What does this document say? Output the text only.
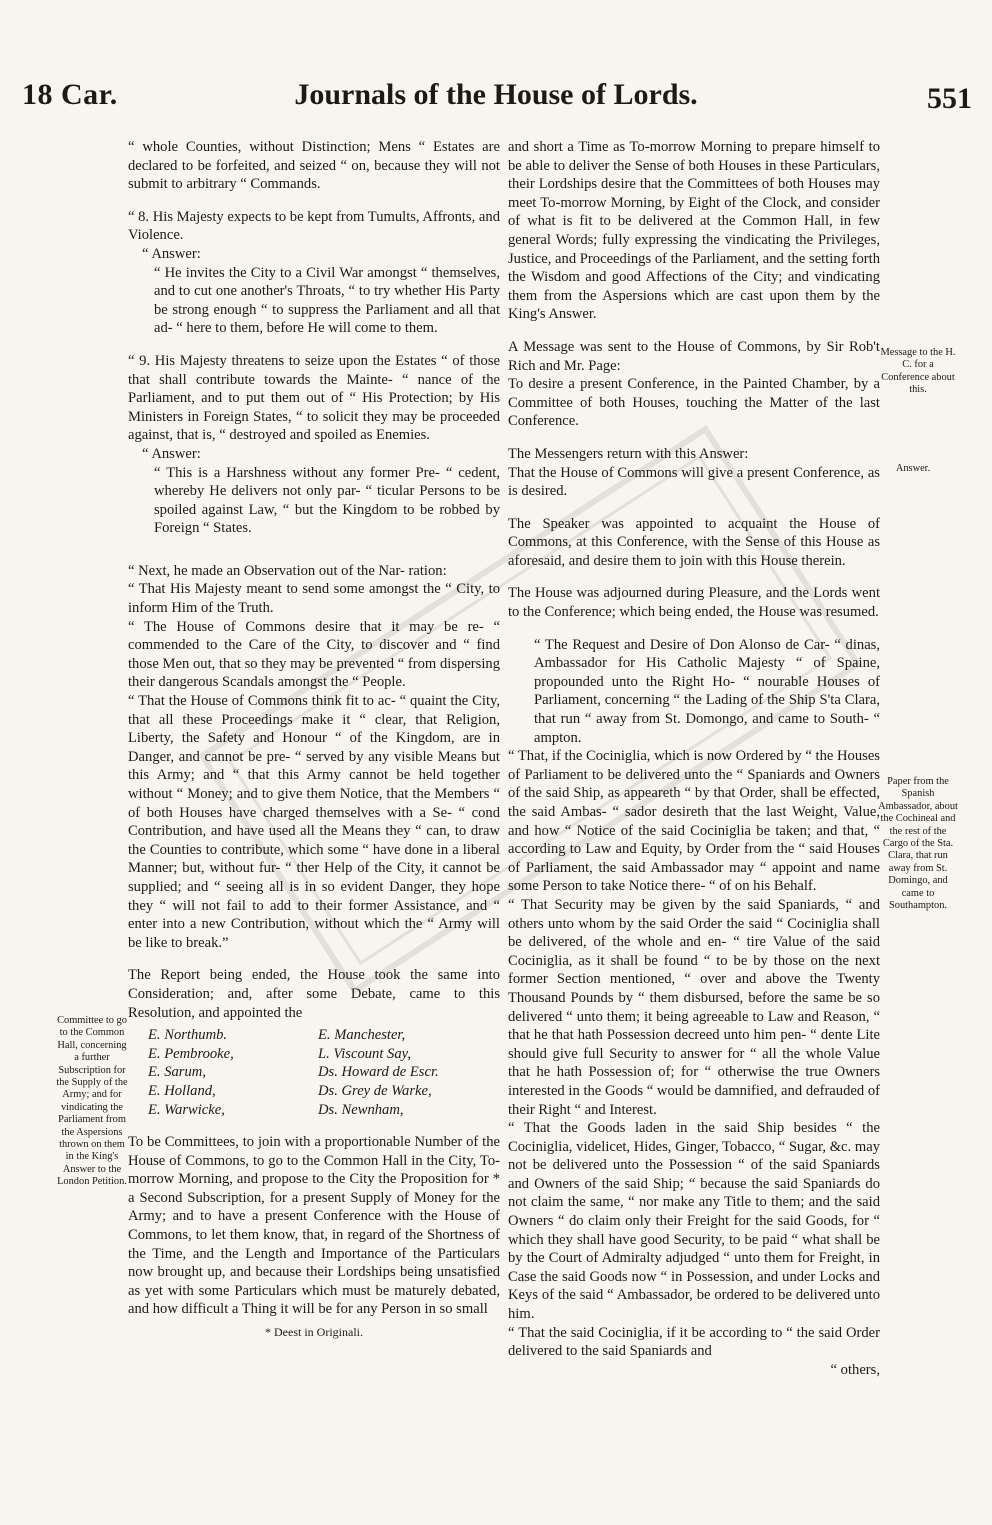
18 Car.	Journals of the House of Lords.	551

“ whole Counties, without Distinction; Mens “ Estates are declared to be forfeited, and seized “ on, because they will not submit to arbitrary “ Commands.

“ 8. His Majesty expects to be kept from Tumults, Affronts, and Violence.

“ Answer:

“ He invites the City to a Civil War amongst “ themselves, and to cut one another's Throats, “ to try whether His Party be strong enough “ to suppress the Parliament and all that ad- “ here to them, before He will come to them.

“ 9. His Majesty threatens to seize upon the Estates “ of those that shall contribute towards the Mainte- “ nance of the Parliament, and to put them out of “ His Protection; by His Ministers in Foreign States, “ to solicit they may be proceeded against, that is, “ destroyed and spoiled as Enemies.

“ Answer:

“ This is a Harshness without any former Pre- “ cedent, whereby He delivers not only par- “ ticular Persons to be spoiled against Law, “ but the Kingdom to be robbed by Foreign “ States.

“ Next, he made an Observation out of the Nar- ration:

“ That His Majesty meant to send some amongst the “ City, to inform Him of the Truth.

“ The House of Commons desire that it may be re- “ commended to the Care of the City, to discover and “ find those Men out, that so they may be prevented “ from dispersing their dangerous Scandals amongst the “ People.

“ That the House of Commons think fit to ac- “ quaint the City, that all these Proceedings make it “ clear, that Religion, Liberty, the Safety and Honour “ of the Kingdom, are in Danger, and cannot be pre- “ served by any visible Means but this Army; and “ that this Army cannot be held together without “ Money; and to give them Notice, that the Members “ of both Houses have charged themselves with a Se- “ cond Contribution, and have used all the Means they “ can, to draw the Counties to contribute, which some “ have done in a liberal Manner; but, without fur- “ ther Help of the City, it cannot be supplied; and “ seeing all is in so evident Danger, they hope they “ will not fail to add to their former Assistance, and “ enter into a new Contribution, without which the “ Army will be like to break.”

The Report being ended, the House took the same into Consideration; and, after some Debate, came to this Resolution, and appointed the

E. Northumb.
E. Pembrooke,
E. Sarum,
E. Holland,
E. Warwicke,
E. Manchester,
L. Viscount Say,
Ds. Howard de Escr.
Ds. Grey de Warke,
Ds. Newnham,

To be Committees, to join with a proportionable Number of the House of Commons, to go to the Common Hall in the City, To-morrow Morning, and propose to the City the Proposition for * a Second Subscription, for a present Supply of Money for the Army; and to have a present Conference with the House of Commons, to let them know, that, in regard of the Shortness of the Time, and the Length and Importance of the Particulars now brought up, and because their Lordships being unsatisfied as yet with some Particulars which must be maturely debated, and how difficult a Thing it will be for any Person in so small

* Deest in Originali.

and short a Time as To-morrow Morning to prepare himself to be able to deliver the Sense of both Houses in these Particulars, their Lordships desire that the Committees of both Houses may meet To-morrow Morning, by Eight of the Clock, and consider of what is fit to be delivered at the Common Hall, in few general Words; fully expressing the vindicating the Privileges, Justice, and Proceedings of the Parliament, and the setting forth the Wisdom and good Affections of the City; and vindicating them from the Aspersions which are cast upon them by the King's Answer.

A Message was sent to the House of Commons, by Sir Rob't Rich and Mr. Page:

To desire a present Conference, in the Painted Chamber, by a Committee of both Houses, touching the Matter of the last Conference.

The Messengers return with this Answer:

That the House of Commons will give a present Conference, as is desired.

The Speaker was appointed to acquaint the House of Commons, at this Conference, with the Sense of this House as aforesaid, and desire them to join with this House therein.

The House was adjourned during Pleasure, and the Lords went to the Conference; which being ended, the House was resumed.

“ The Request and Desire of Don Alonso de Car- “ dinas, Ambassador for His Catholic Majesty “ of Spaine, propounded unto the Right Ho- “ nourable Houses of Parliament, concerning “ the Lading of the Ship S'ta Clara, that run “ away from St. Domongo, and came to South- “ ampton.

“ That, if the Cociniglia, which is now Ordered by “ the Houses of Parliament to be delivered unto the “ Spaniards and Owners of the said Ship, as appeareth “ by that Order, shall be effected, the said Ambas- “ sador desireth that the last Weight, Value, and how “ Notice of the said Cociniglia be taken; and that, “ according to Law and Equity, by Order from the “ said Houses of Parliament, the said Ambassador may “ appoint and name some Person to take Notice there- “ of on his Behalf.

“ That Security may be given by the said Spaniards, “ and others unto whom by the said Order the said “ Cociniglia shall be delivered, of the whole and en- “ tire Value of the said Cociniglia, as it shall be found “ to be by those on the next former Section mentioned, “ over and above the Twenty Thousand Pounds by “ them disbursed, before the same be so delivered “ unto them; it being agreeable to Law and Reason, “ that he that hath Possession decreed unto him pen- “ dente Lite should give full Security to answer for “ all the whole Value that he hath Possession of; for “ otherwise the true Owners interested in the Goods “ would be damnified, and defrauded of their Right “ and Interest.

“ That the Goods laden in the said Ship besides “ the Cociniglia, videlicet, Hides, Ginger, Tobacco, “ Sugar, &c. may not be delivered unto the Possession “ of the said Spaniards and Owners of the said Ship; “ because the said Spaniards do not claim the same, “ nor make any Title to them; and the said Owners “ do claim only their Freight for the said Goods, for “ which they shall have good Security, to be paid “ what shall be by the Court of Admiralty adjudged “ unto them for Freight, in Case the said Goods now “ in Possession, and under Locks and Keys of the said “ Ambassador, be ordered to be delivered unto him.

“ That the said Cociniglia, if it be according to “ the said Order delivered to the said Spaniards and

“ others,

Committee to go to the Common Hall, concerning a further Subscription for the Supply of the Army; and for vindicating the Parliament from the Aspersions thrown on them in the King's Answer to the London Petition.
Message to the H. C. for a Conference about this.
Answer.
Paper from the Spanish Ambassador, about the Cochineal and the rest of the Cargo of the Sta. Clara, that run away from St. Domingo, and came to Southampton.
